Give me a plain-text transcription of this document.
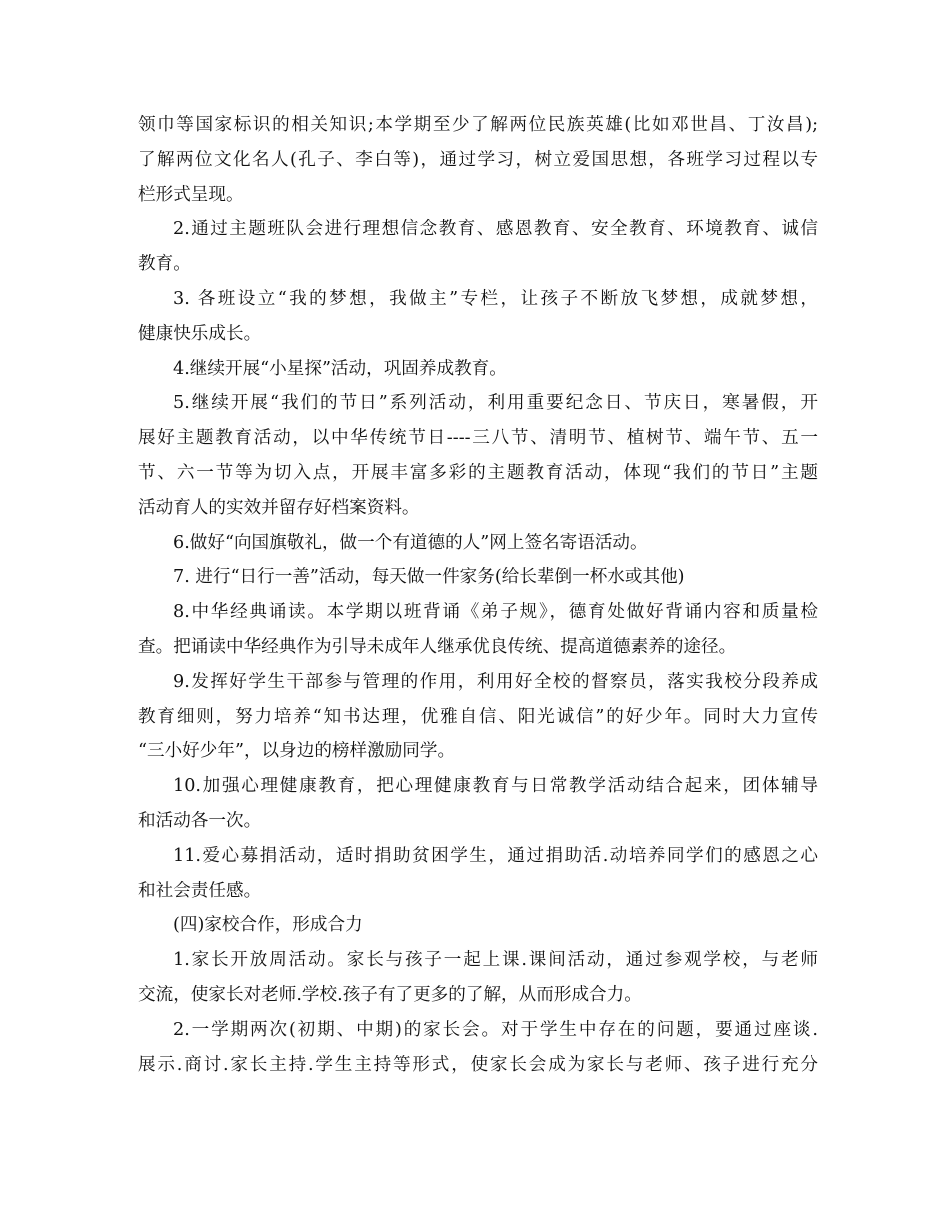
领巾等国家标识的相关知识;本学期至少了解两位民族英雄(比如邓世昌、丁汝昌);
了解两位文化名人(孔子、李白等)，通过学习，树立爱国思想，各班学习过程以专
栏形式呈现。
2.通过主题班队会进行理想信念教育、感恩教育、安全教育、环境教育、诚信
教育。
3. 各班设立“我的梦想，我做主”专栏，让孩子不断放飞梦想，成就梦想，
健康快乐成长。
4.继续开展“小星探”活动，巩固养成教育。
5.继续开展“我们的节日”系列活动，利用重要纪念日、节庆日，寒暑假，开
展好主题教育活动，以中华传统节日----三八节、清明节、植树节、端午节、五一
节、六一节等为切入点，开展丰富多彩的主题教育活动，体现“我们的节日”主题
活动育人的实效并留存好档案资料。
6.做好“向国旗敬礼，做一个有道德的人”网上签名寄语活动。
7. 进行“日行一善”活动，每天做一件家务(给长辈倒一杯水或其他)
8.中华经典诵读。本学期以班背诵《弟子规》，德育处做好背诵内容和质量检
查。把诵读中华经典作为引导未成年人继承优良传统、提高道德素养的途径。
9.发挥好学生干部参与管理的作用，利用好全校的督察员，落实我校分段养成
教育细则，努力培养“知书达理，优雅自信、阳光诚信”的好少年。同时大力宣传
“三小好少年”，以身边的榜样激励同学。
10.加强心理健康教育，把心理健康教育与日常教学活动结合起来，团体辅导
和活动各一次。
11.爱心募捐活动，适时捐助贫困学生，通过捐助活.动培养同学们的感恩之心
和社会责任感。
(四)家校合作，形成合力
1.家长开放周活动。家长与孩子一起上课.课间活动，通过参观学校，与老师
交流，使家长对老师.学校.孩子有了更多的了解，从而形成合力。
2.一学期两次(初期、中期)的家长会。对于学生中存在的问题，要通过座谈.
展示.商讨.家长主持.学生主持等形式，使家长会成为家长与老师、孩子进行充分
